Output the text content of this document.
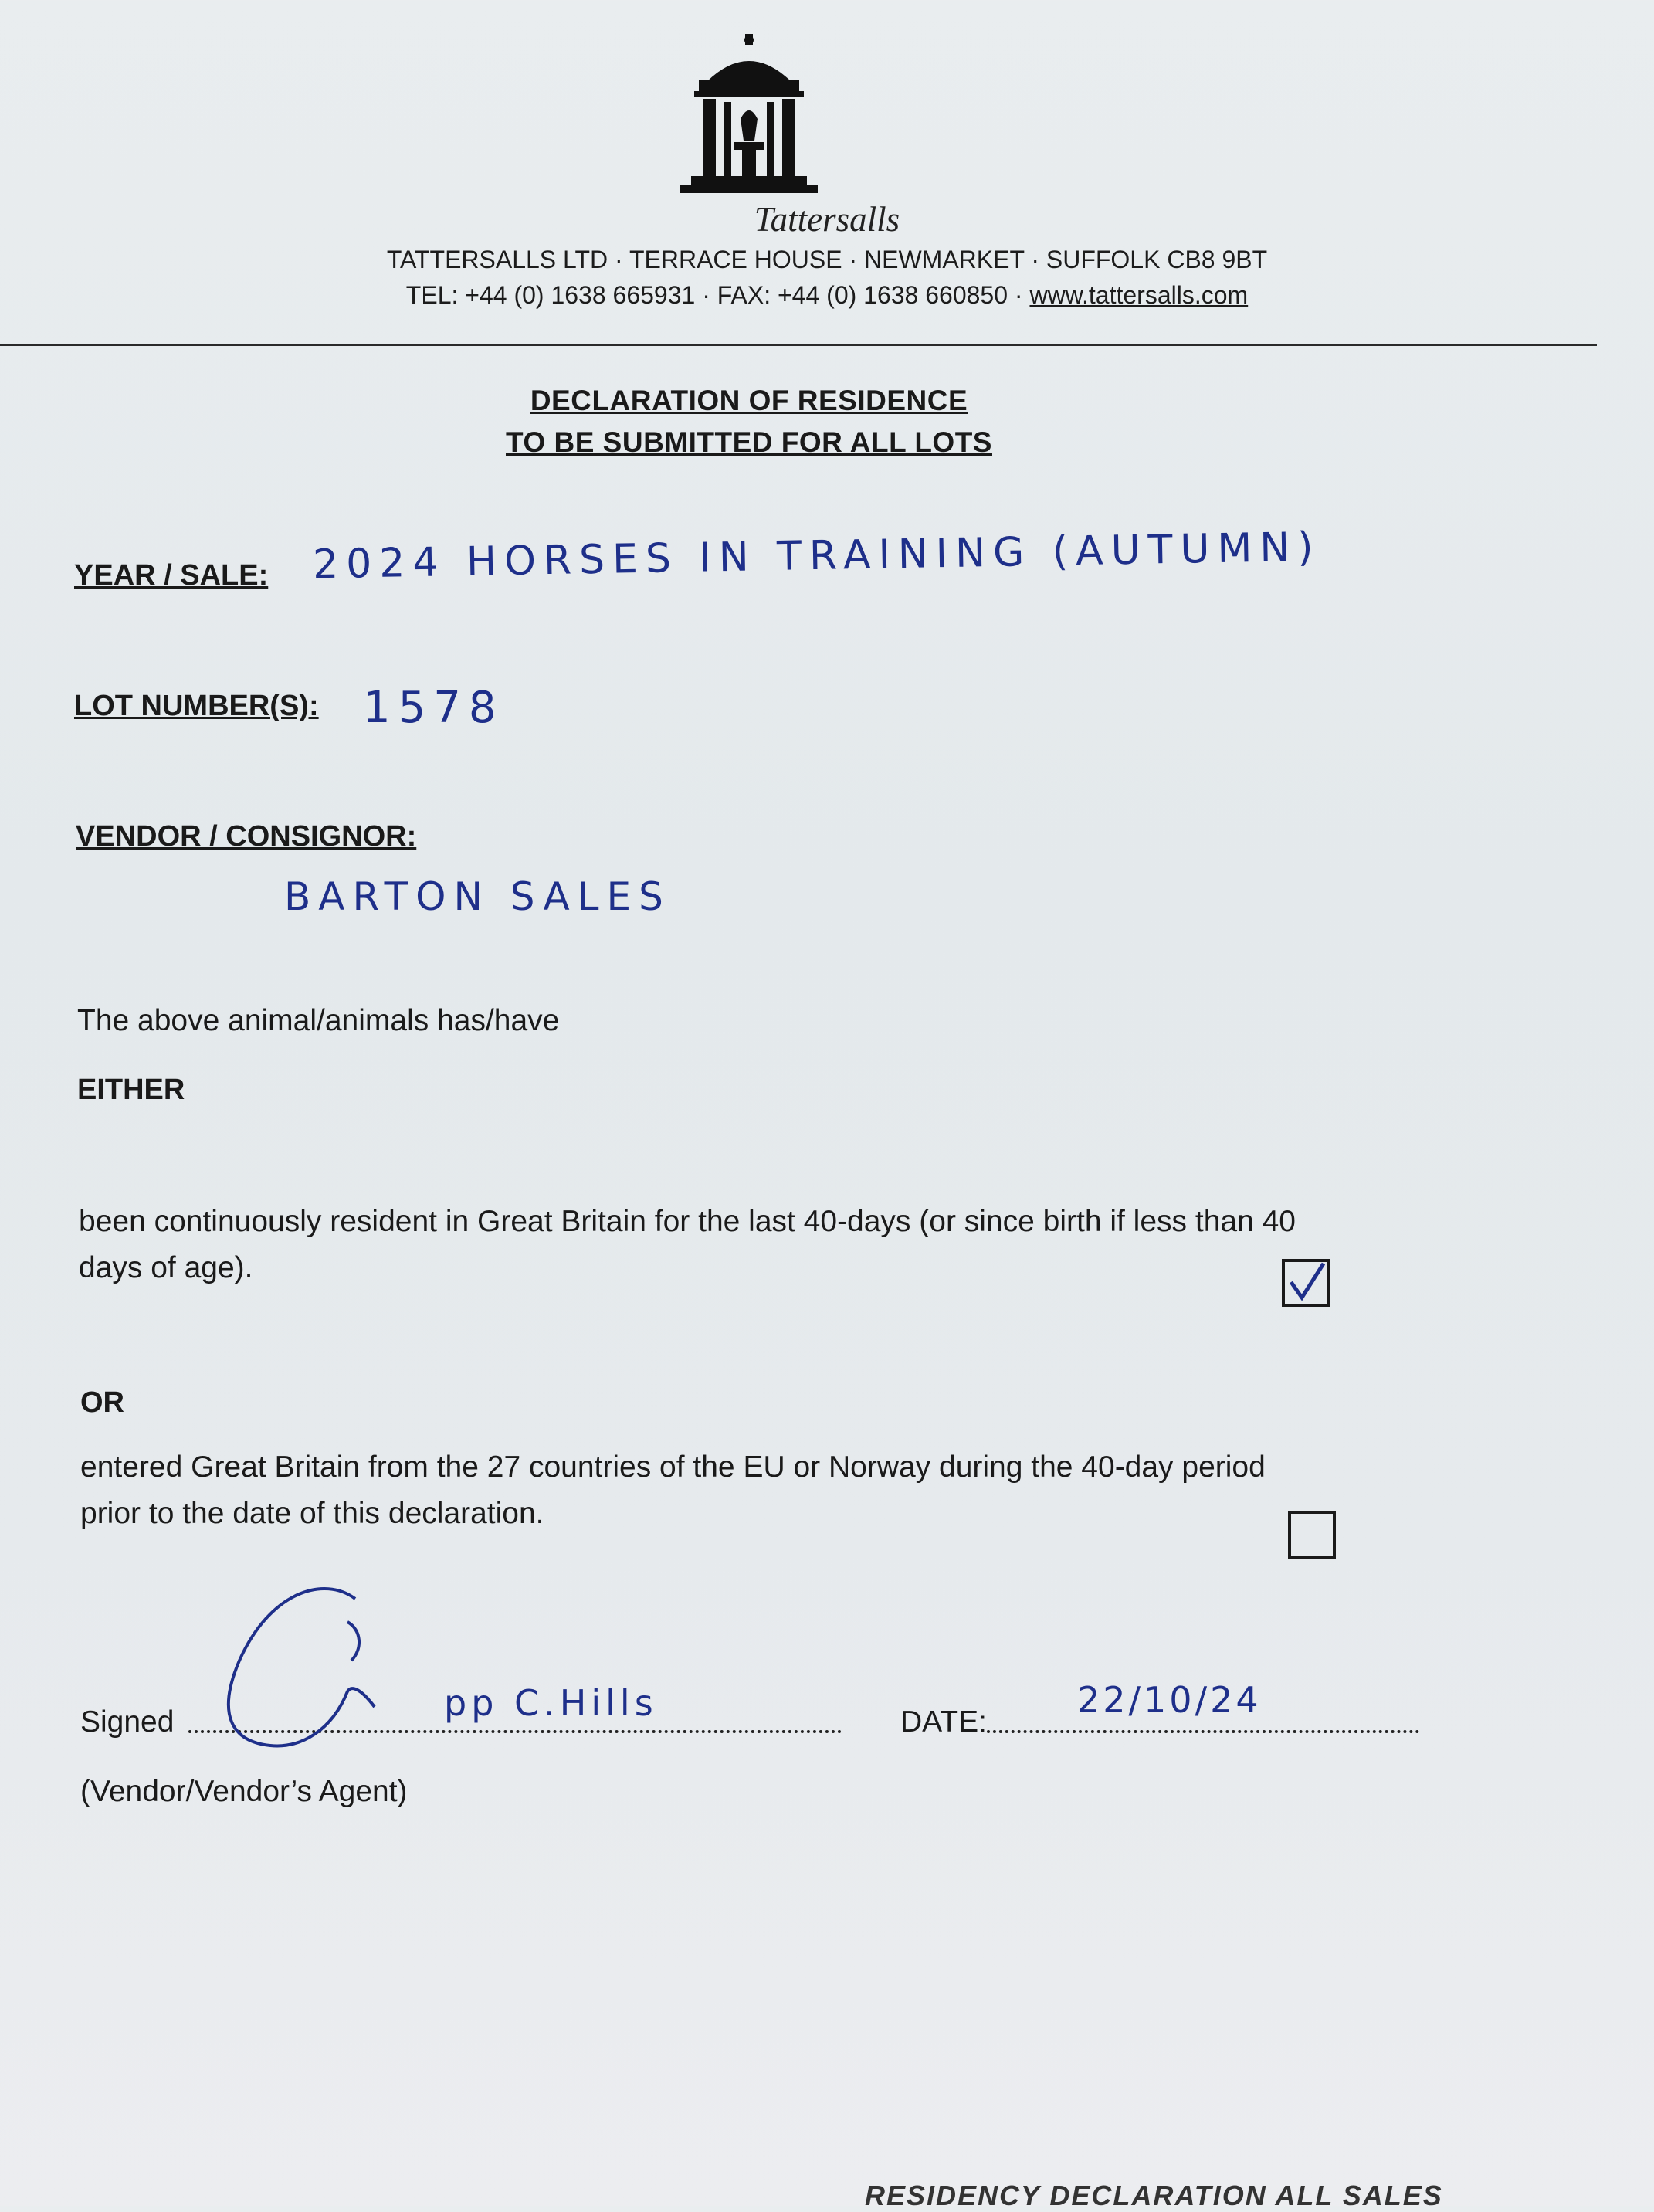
Tattersalls
TATTERSALLS LTD · TERRACE HOUSE · NEWMARKET · SUFFOLK CB8 9BT
TEL: +44 (0) 1638 665931 · FAX: +44 (0) 1638 660850 · www.tattersalls.com
DECLARATION OF RESIDENCE
TO BE SUBMITTED FOR ALL LOTS
YEAR / SALE: 2024 HORSES IN TRAINING (AUTUMN)
LOT NUMBER(S): 1578
VENDOR / CONSIGNOR:
BARTON SALES
The above animal/animals has/have
EITHER
been continuously resident in Great Britain for the last 40-days (or since birth if less than 40
days of age).
OR
entered Great Britain from the 27 countries of the EU or Norway during the 40-day period
prior to the date of this declaration.
Signed	pp C.Hills	DATE:
22/10/24
(Vendor/Vendor’s Agent)
RESIDENCY DECLARATION ALL SALES
